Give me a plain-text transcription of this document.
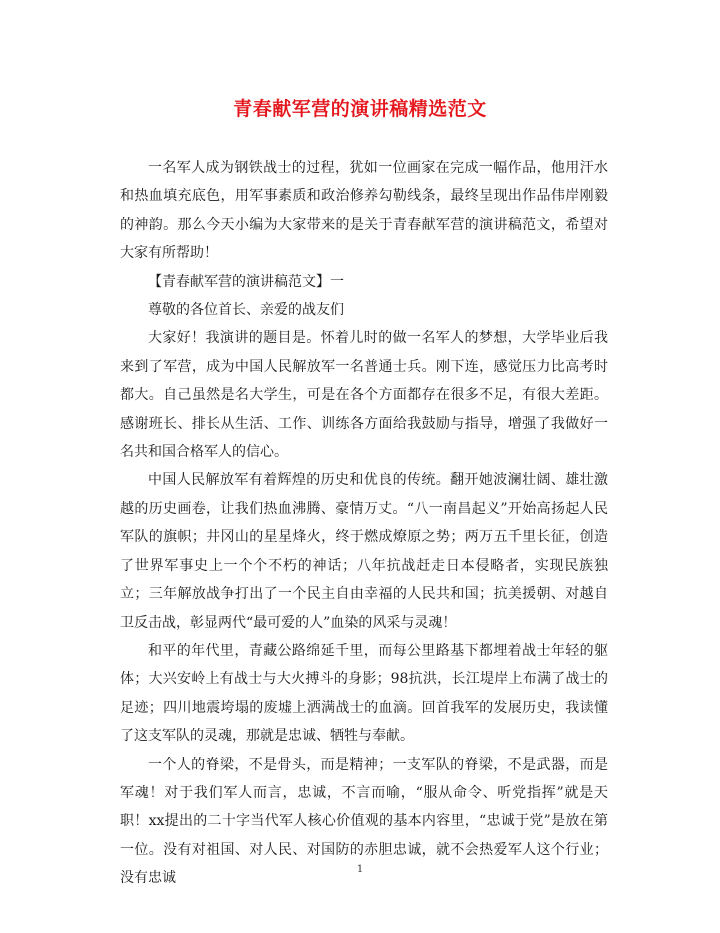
青春献军营的演讲稿精选范文

一名军人成为钢铁战士的过程，犹如一位画家在完成一幅作品，他用汗水和热血填充底色，用军事素质和政治修养勾勒线条，最终呈现出作品伟岸刚毅的神韵。那么今天小编为大家带来的是关于青春献军营的演讲稿范文，希望对大家有所帮助！

【青春献军营的演讲稿范文】一

尊敬的各位首长、亲爱的战友们

大家好！我演讲的题目是。怀着儿时的做一名军人的梦想，大学毕业后我来到了军营，成为中国人民解放军一名普通士兵。刚下连，感觉压力比高考时都大。自己虽然是名大学生，可是在各个方面都存在很多不足，有很大差距。感谢班长、排长从生活、工作、训练各方面给我鼓励与指导，增强了我做好一名共和国合格军人的信心。

中国人民解放军有着辉煌的历史和优良的传统。翻开她波澜壮阔、雄壮激越的历史画卷，让我们热血沸腾、豪情万丈。“八一南昌起义”开始高扬起人民军队的旗帜；井冈山的星星烽火，终于燃成燎原之势；两万五千里长征，创造了世界军事史上一个个不朽的神话；八年抗战赶走日本侵略者，实现民族独立；三年解放战争打出了一个民主自由幸福的人民共和国；抗美援朝、对越自卫反击战，彰显两代“最可爱的人”血染的风采与灵魂！

和平的年代里，青藏公路绵延千里，而每公里路基下都埋着战士年轻的躯体；大兴安岭上有战士与大火搏斗的身影；98抗洪，长江堤岸上布满了战士的足迹；四川地震垮塌的废墟上洒满战士的血滴。回首我军的发展历史，我读懂了这支军队的灵魂，那就是忠诚、牺牲与奉献。

一个人的脊梁，不是骨头，而是精神；一支军队的脊梁，不是武器，而是军魂！对于我们军人而言，忠诚，不言而喻，“服从命令、听党指挥”就是天职！xx提出的二十字当代军人核心价值观的基本内容里，“忠诚于党”是放在第一位。没有对祖国、对人民、对国防的赤胆忠诚，就不会热爱军人这个行业；没有忠诚

1
